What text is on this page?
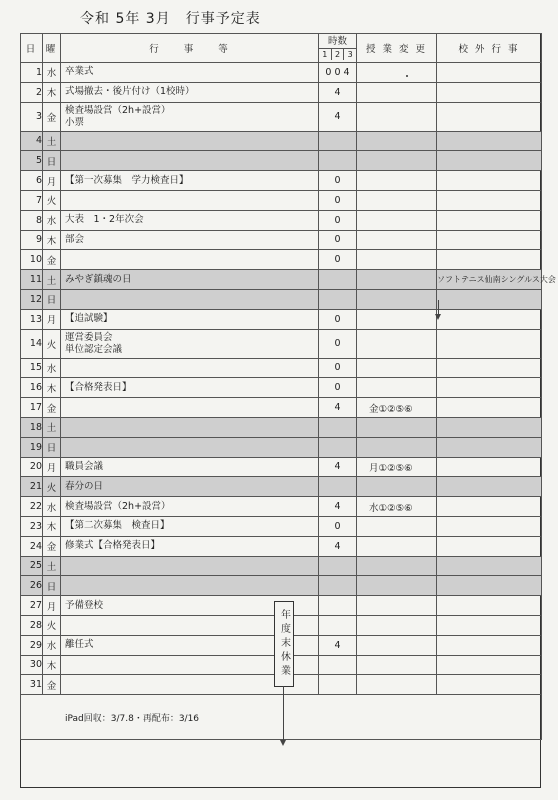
令和 5年 3月　行事予定表
日	曜	行　　事　　等	時数
1 2 3	授 業 変 更	校 外 行 事
1	水	卒業式	0 0 4		
2	木	式場撤去・後片付け（1校時）	4		
3	金	検査場設営（2h+設営）
小票	4		
4	土				
5	日				
6	月	【第一次募集　学力検査日】	0		
7	火		0		
8	水	大表　1・2年次会	0		
9	木	部会	0		
10	金		0		
11	土	みやぎ鎮魂の日			ソフトテニス仙南シングルス大会
12	日				
13	月	【追試験】	0		
14	火	運営委員会
単位認定会議	0		
15	水		0		
16	木	【合格発表日】	0		
17	金		4	金①②⑤⑥	
18	土				
19	日				
20	月	職員会議	4	月①②⑤⑥	
21	火	春分の日			
22	水	検査場設営（2h+設営）	4	水①②⑤⑥	
23	木	【第二次募集　検査日】	0		
24	金	修業式【合格発表日】	4		
25	土				
26	日				
27	月	予備登校			
28	火				
29	水	離任式	4		
30	木				
31	金				
iPad回収：3/7.8・再配布：3/16					
年度末休業
